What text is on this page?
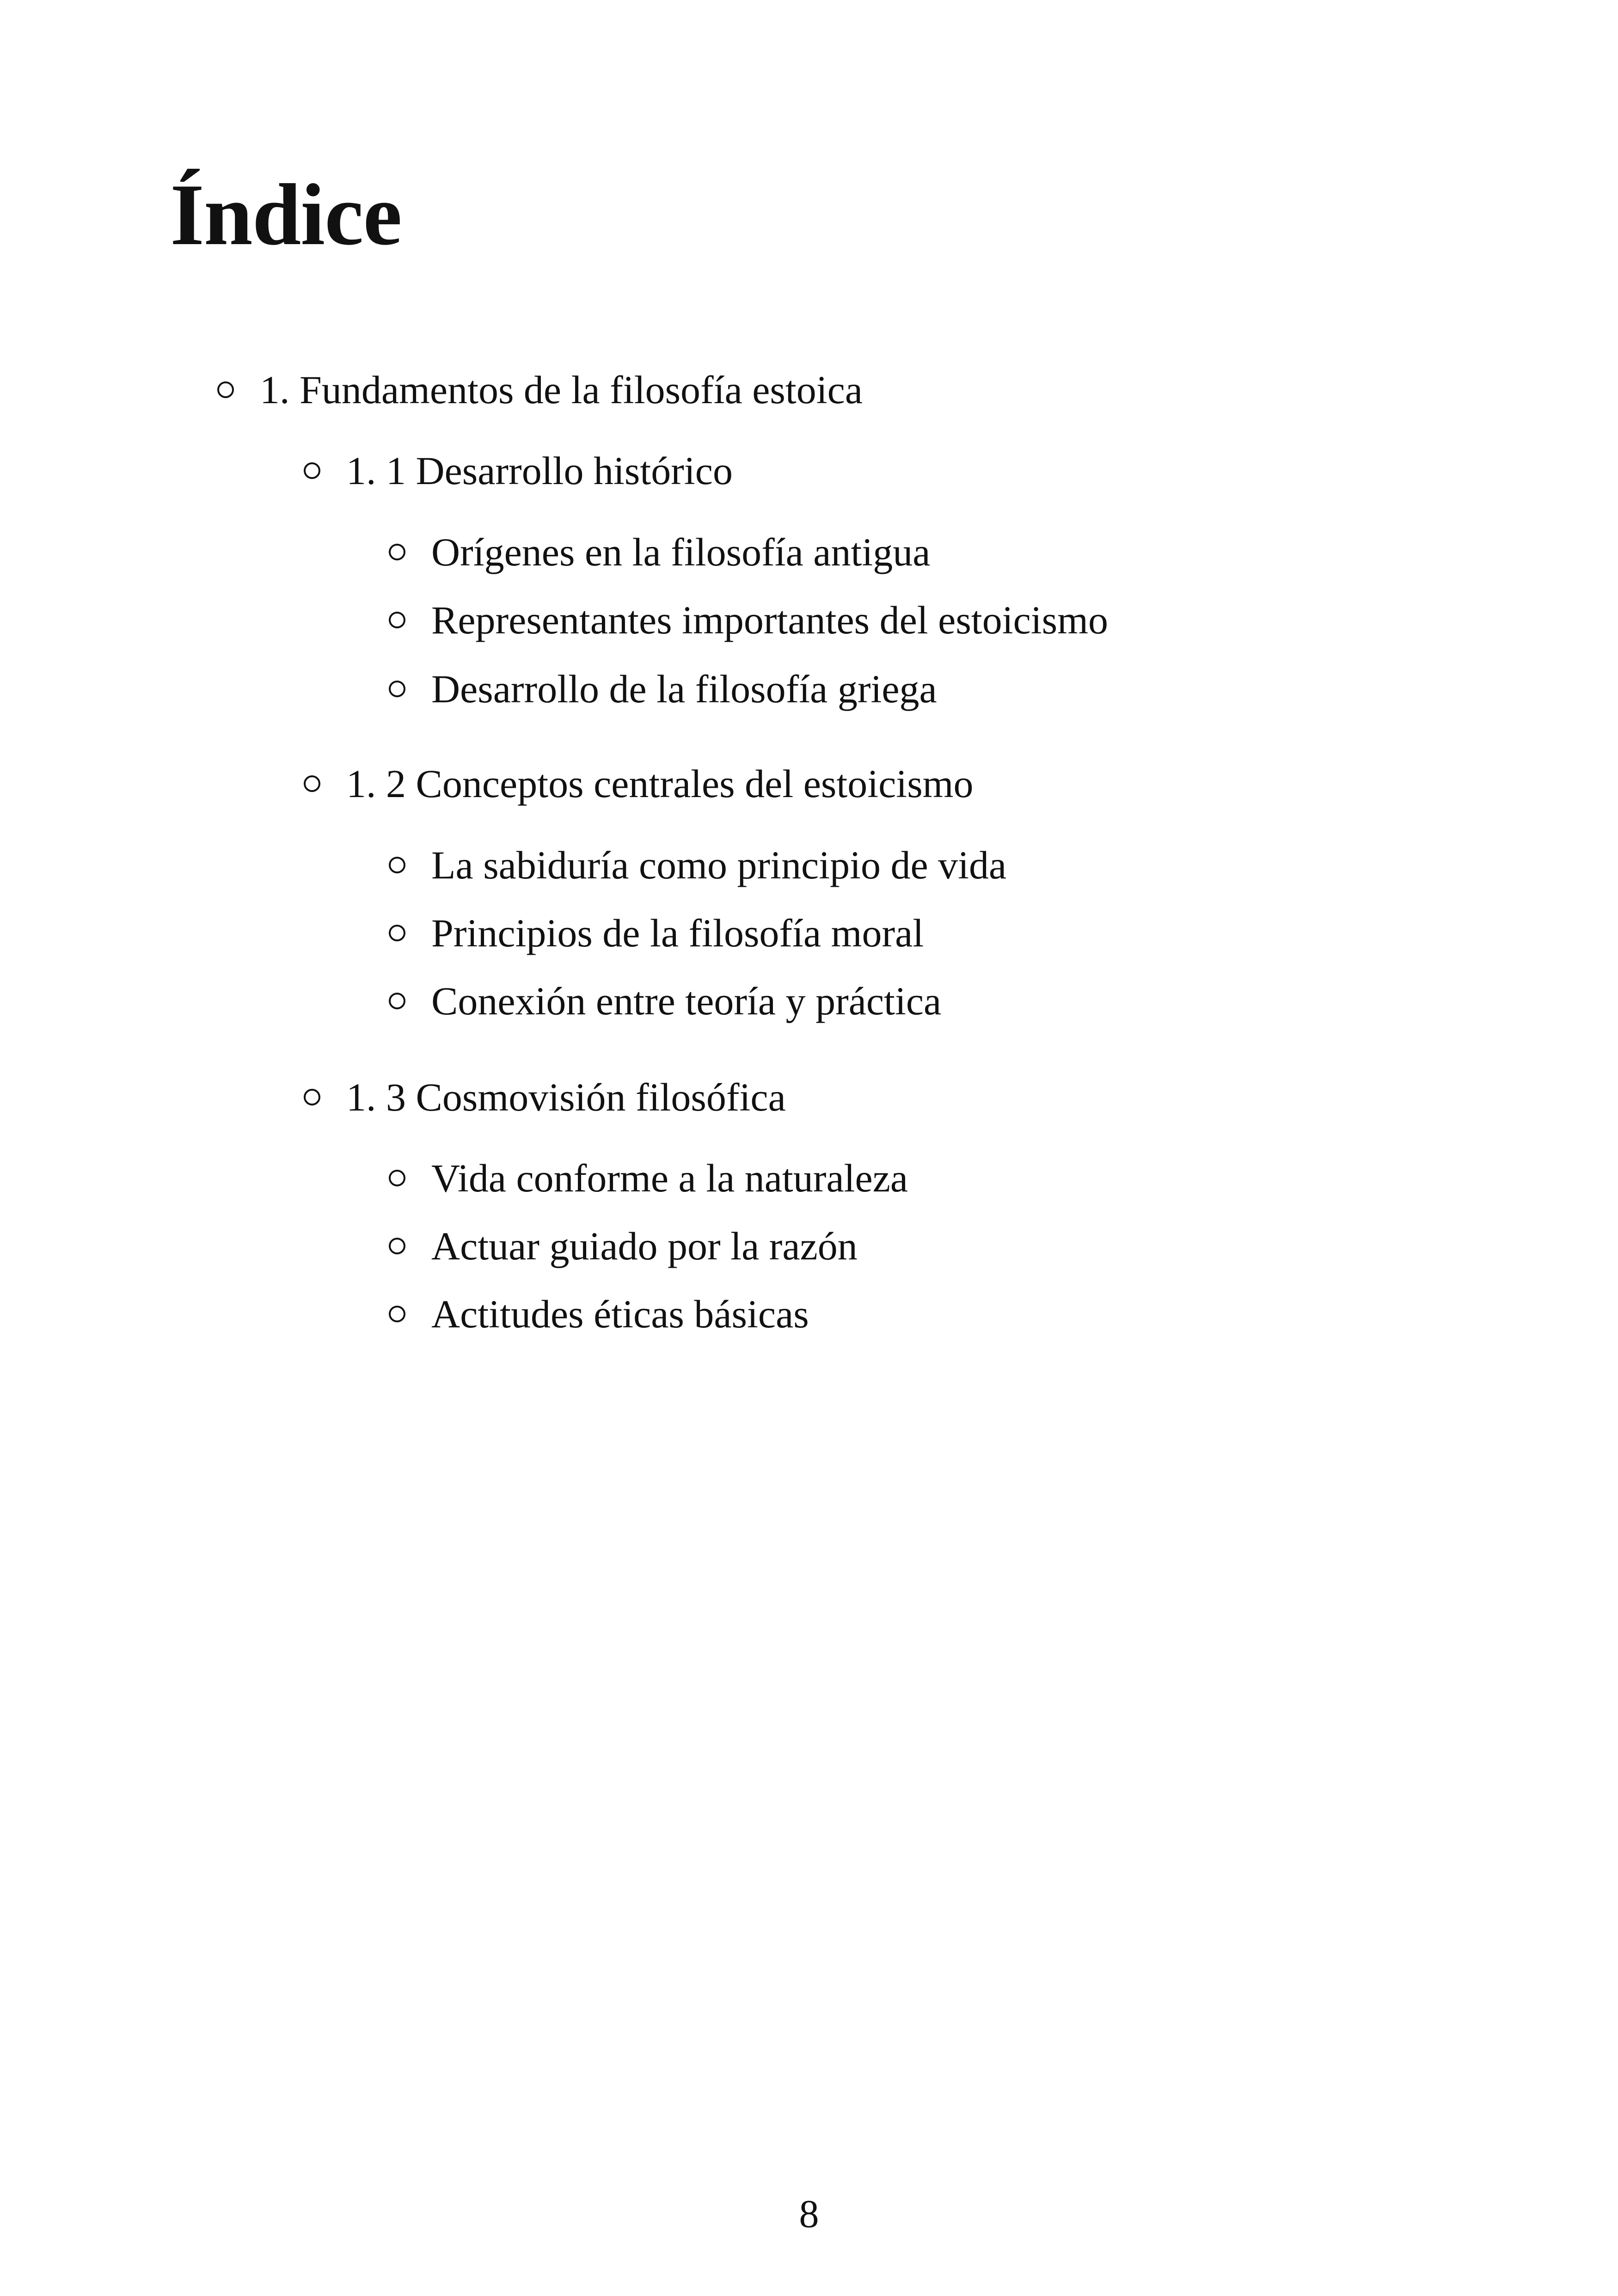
Índice
1. Fundamentos de la filosofía estoica
1. 1 Desarrollo histórico
Orígenes en la filosofía antigua
Representantes importantes del estoicismo
Desarrollo de la filosofía griega
1. 2 Conceptos centrales del estoicismo
La sabiduría como principio de vida
Principios de la filosofía moral
Conexión entre teoría y práctica
1. 3 Cosmovisión filosófica
Vida conforme a la naturaleza
Actuar guiado por la razón
Actitudes éticas básicas
8
